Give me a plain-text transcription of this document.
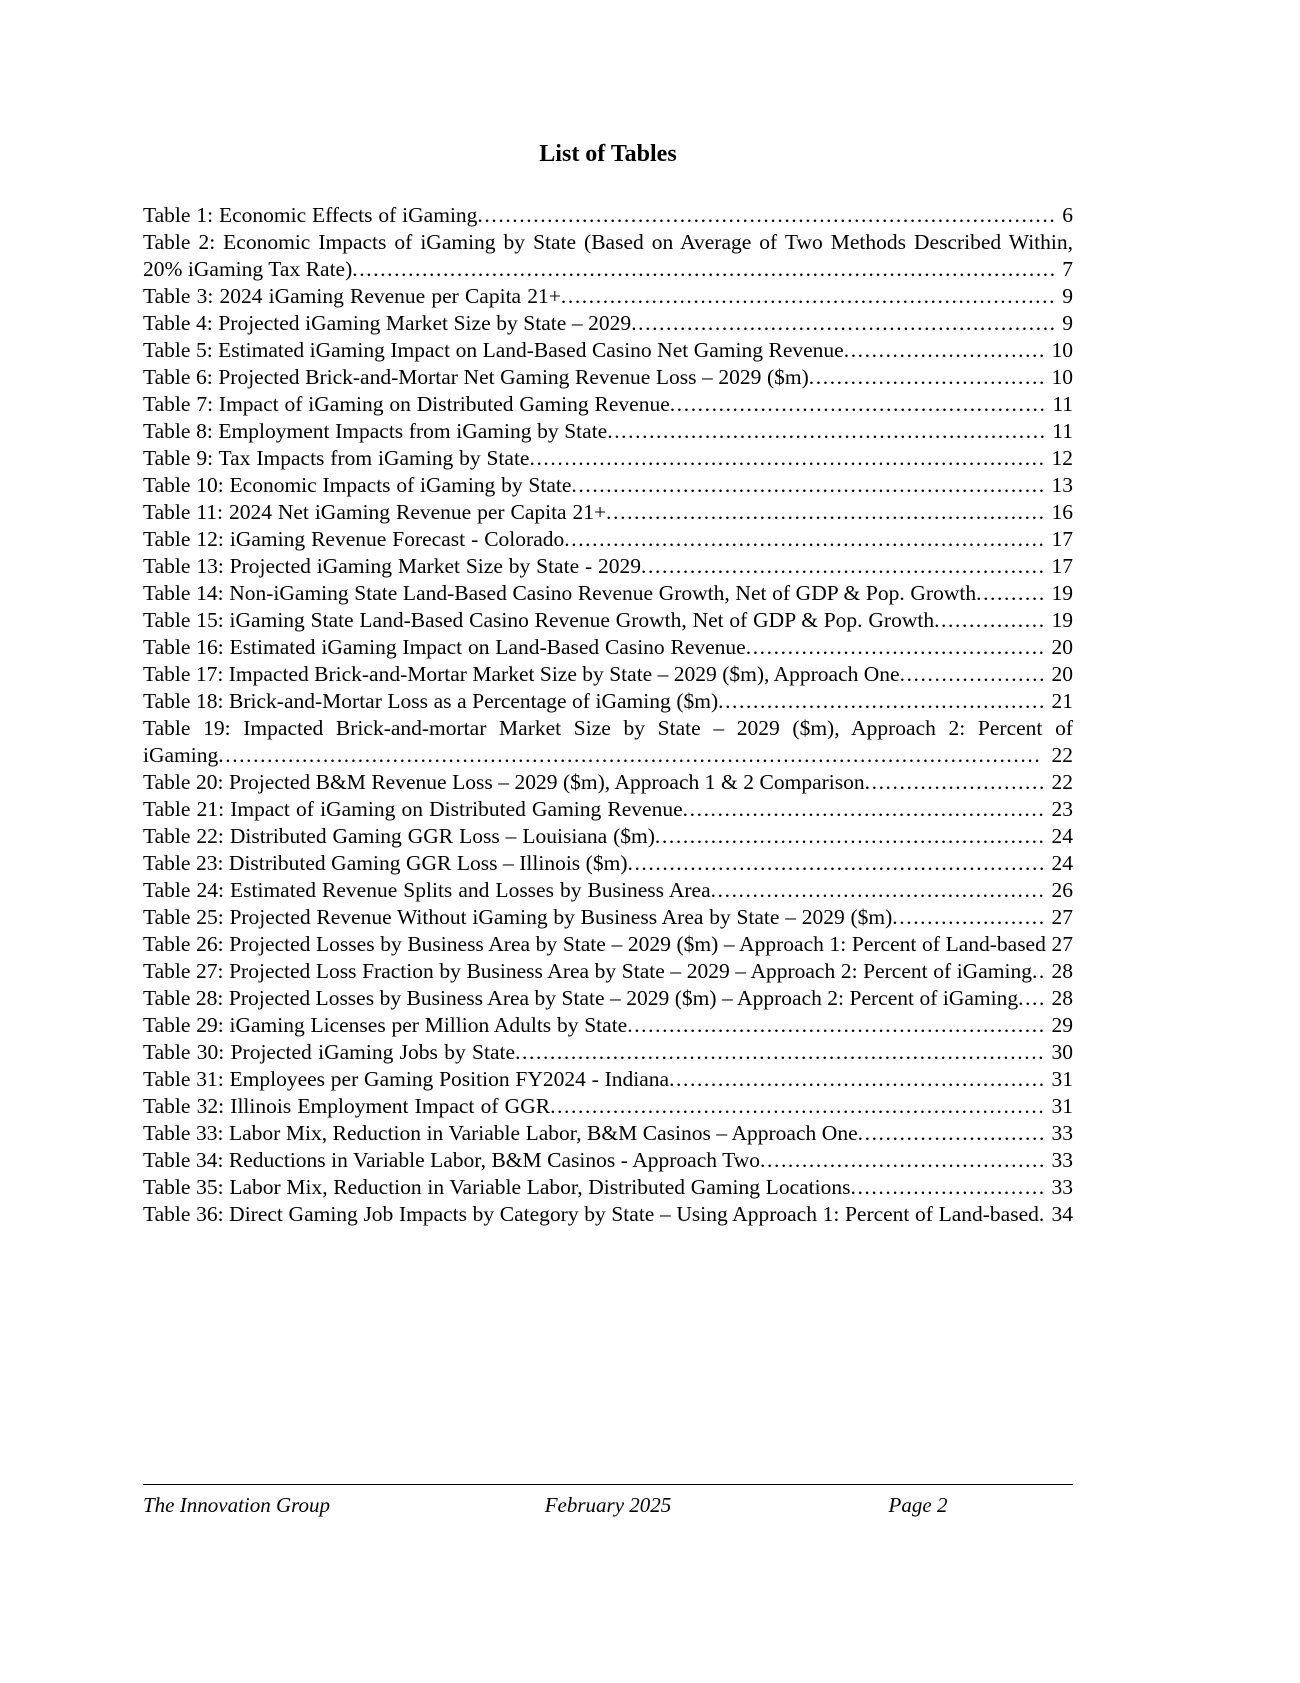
List of Tables

Table 1: Economic Effects of iGaming................................................................................... 6

Table 2: Economic Impacts of iGaming by State (Based on Average of Two Methods Described Within, 20% iGaming Tax Rate)..................................................................................................... 7

Table 3: 2024 iGaming Revenue per Capita 21+....................................................................... 9

Table 4: Projected iGaming Market Size by State – 2029............................................................. 9

Table 5: Estimated iGaming Impact on Land-Based Casino Net Gaming Revenue............................. 10

Table 6: Projected Brick-and-Mortar Net Gaming Revenue Loss – 2029 ($m).................................. 10

Table 7: Impact of iGaming on Distributed Gaming Revenue...................................................... 11

Table 8: Employment Impacts from iGaming by State............................................................... 11

Table 9: Tax Impacts from iGaming by State.......................................................................... 12

Table 10: Economic Impacts of iGaming by State.................................................................... 13

Table 11: 2024 Net iGaming Revenue per Capita 21+............................................................... 16

Table 12: iGaming Revenue Forecast - Colorado..................................................................... 17

Table 13: Projected iGaming Market Size by State - 2029.......................................................... 17

Table 14: Non-iGaming State Land-Based Casino Revenue Growth, Net of GDP & Pop. Growth.......... 19

Table 15: iGaming State Land-Based Casino Revenue Growth, Net of GDP & Pop. Growth................ 19

Table 16: Estimated iGaming Impact on Land-Based Casino Revenue........................................... 20

Table 17: Impacted Brick-and-Mortar Market Size by State – 2029 ($m), Approach One..................... 20

Table 18: Brick-and-Mortar Loss as a Percentage of iGaming ($m)............................................... 21

Table 19: Impacted Brick-and-mortar Market Size by State – 2029 ($m), Approach 2: Percent of iGaming...................................................................................................................... 22

Table 20: Projected B&M Revenue Loss – 2029 ($m), Approach 1 & 2 Comparison.......................... 22

Table 21: Impact of iGaming on Distributed Gaming Revenue.................................................... 23

Table 22: Distributed Gaming GGR Loss – Louisiana ($m)........................................................ 24

Table 23: Distributed Gaming GGR Loss – Illinois ($m)............................................................ 24

Table 24: Estimated Revenue Splits and Losses by Business Area................................................ 26

Table 25: Projected Revenue Without iGaming by Business Area by State – 2029 ($m)...................... 27

Table 26: Projected Losses by Business Area by State – 2029 ($m) – Approach 1: Percent of Land-based 27

Table 27: Projected Loss Fraction by Business Area by State – 2029 – Approach 2: Percent of iGaming.. 28

Table 28: Projected Losses by Business Area by State – 2029 ($m) – Approach 2: Percent of iGaming.... 28

Table 29: iGaming Licenses per Million Adults by State............................................................ 29

Table 30: Projected iGaming Jobs by State............................................................................ 30

Table 31: Employees per Gaming Position FY2024 - Indiana...................................................... 31

Table 32: Illinois Employment Impact of GGR....................................................................... 31

Table 33: Labor Mix, Reduction in Variable Labor, B&M Casinos – Approach One........................... 33

Table 34: Reductions in Variable Labor, B&M Casinos - Approach Two......................................... 33

Table 35: Labor Mix, Reduction in Variable Labor, Distributed Gaming Locations............................ 33

Table 36: Direct Gaming Job Impacts by Category by State – Using Approach 1: Percent of Land-based. 34

The Innovation Group	February 2025	Page 2
